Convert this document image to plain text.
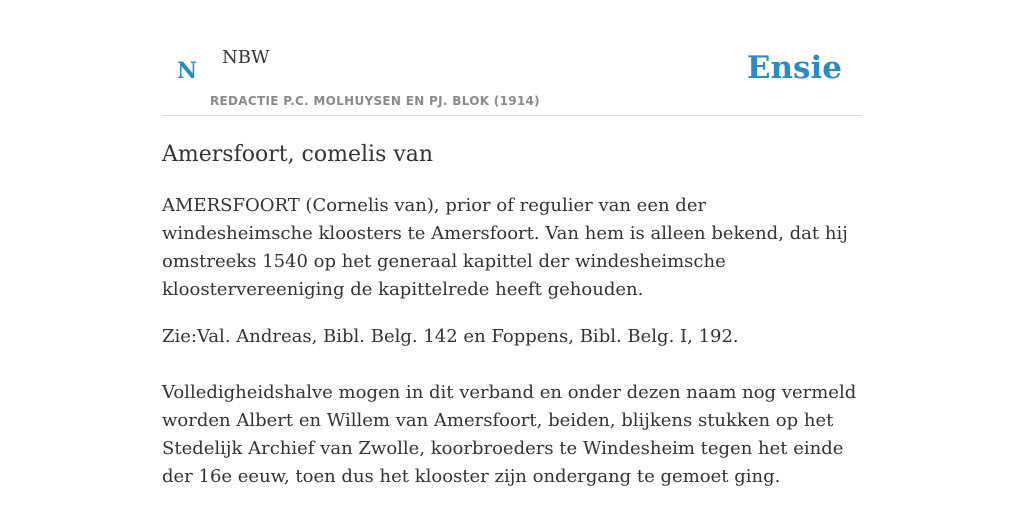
N
NBW
REDACTIE P.C. MOLHUYSEN EN PJ. BLOK (1914)
Ensie
Amersfoort, comelis van

AMERSFOORT (Cornelis van), prior of regulier van een der windesheimsche kloosters te Amersfoort. Van hem is alleen bekend, dat hij omstreeks 1540 op het generaal kapittel der windesheimsche kloostervereeniging de kapittelrede heeft gehouden.

Zie:Val. Andreas, Bibl. Belg. 142 en Foppens, Bibl. Belg. I, 192.

Volledigheidshalve mogen in dit verband en onder dezen naam nog vermeld worden Albert en Willem van Amersfoort, beiden, blijkens stukken op het Stedelijk Archief van Zwolle, koorbroeders te Windesheim tegen het einde der 16e eeuw, toen dus het klooster zijn ondergang te gemoet ging.
